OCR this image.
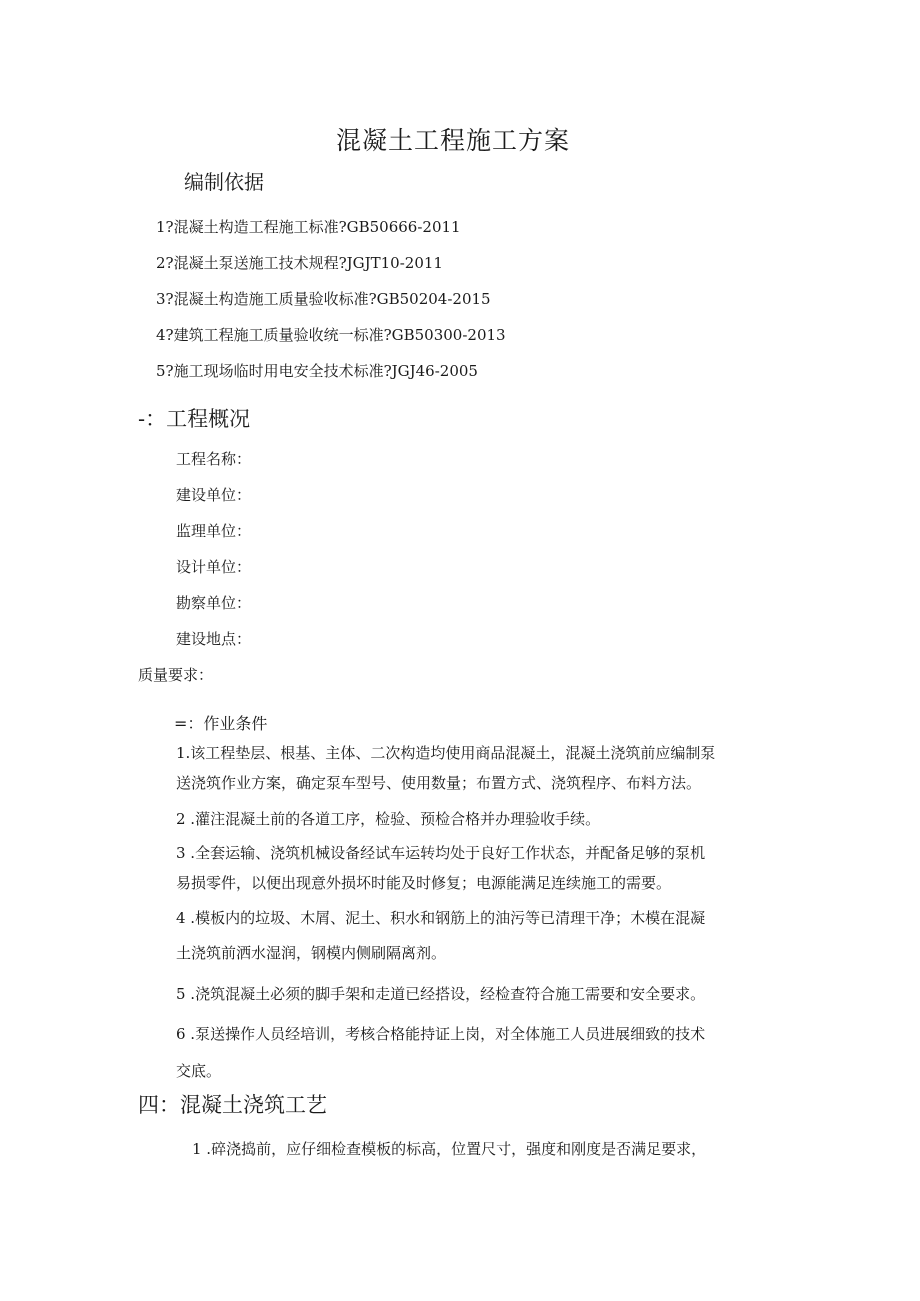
混凝土工程施工方案
编制依据
1?混凝土构造工程施工标准?GB50666-2011
2?混凝土泵送施工技术规程?JGJT10-2011
3?混凝土构造施工质量验收标准?GB50204-2015
4?建筑工程施工质量验收统一标准?GB50300-2013
5?施工现场临时用电安全技术标准?JGJ46-2005
-：工程概况
工程名称：
建设单位：
监理单位：
设计单位：
勘察单位：
建设地点：
质量要求：
=：作业条件
1.该工程垫层、根基、主体、二次构造均使用商品混凝土，混凝土浇筑前应编制泵
送浇筑作业方案，确定泵车型号、使用数量；布置方式、浇筑程序、布料方法。
2 .灌注混凝土前的各道工序，检验、预检合格并办理验收手续。
3 .全套运输、浇筑机械设备经试车运转均处于良好工作状态，并配备足够的泵机
易损零件，以便出现意外损坏时能及时修复；电源能满足连续施工的需要。
4 .模板内的垃圾、木屑、泥土、积水和钢筋上的油污等已清理干净；木模在混凝
土浇筑前洒水湿润，钢模内侧刷隔离剂。
5 .浇筑混凝土必须的脚手架和走道已经搭设，经检查符合施工需要和安全要求。
6 .泵送操作人员经培训，考核合格能持证上岗，对全体施工人员进展细致的技术
交底。
四：混凝土浇筑工艺
1 .碎浇捣前，应仔细检查模板的标高，位置尺寸，强度和刚度是否满足要求，
